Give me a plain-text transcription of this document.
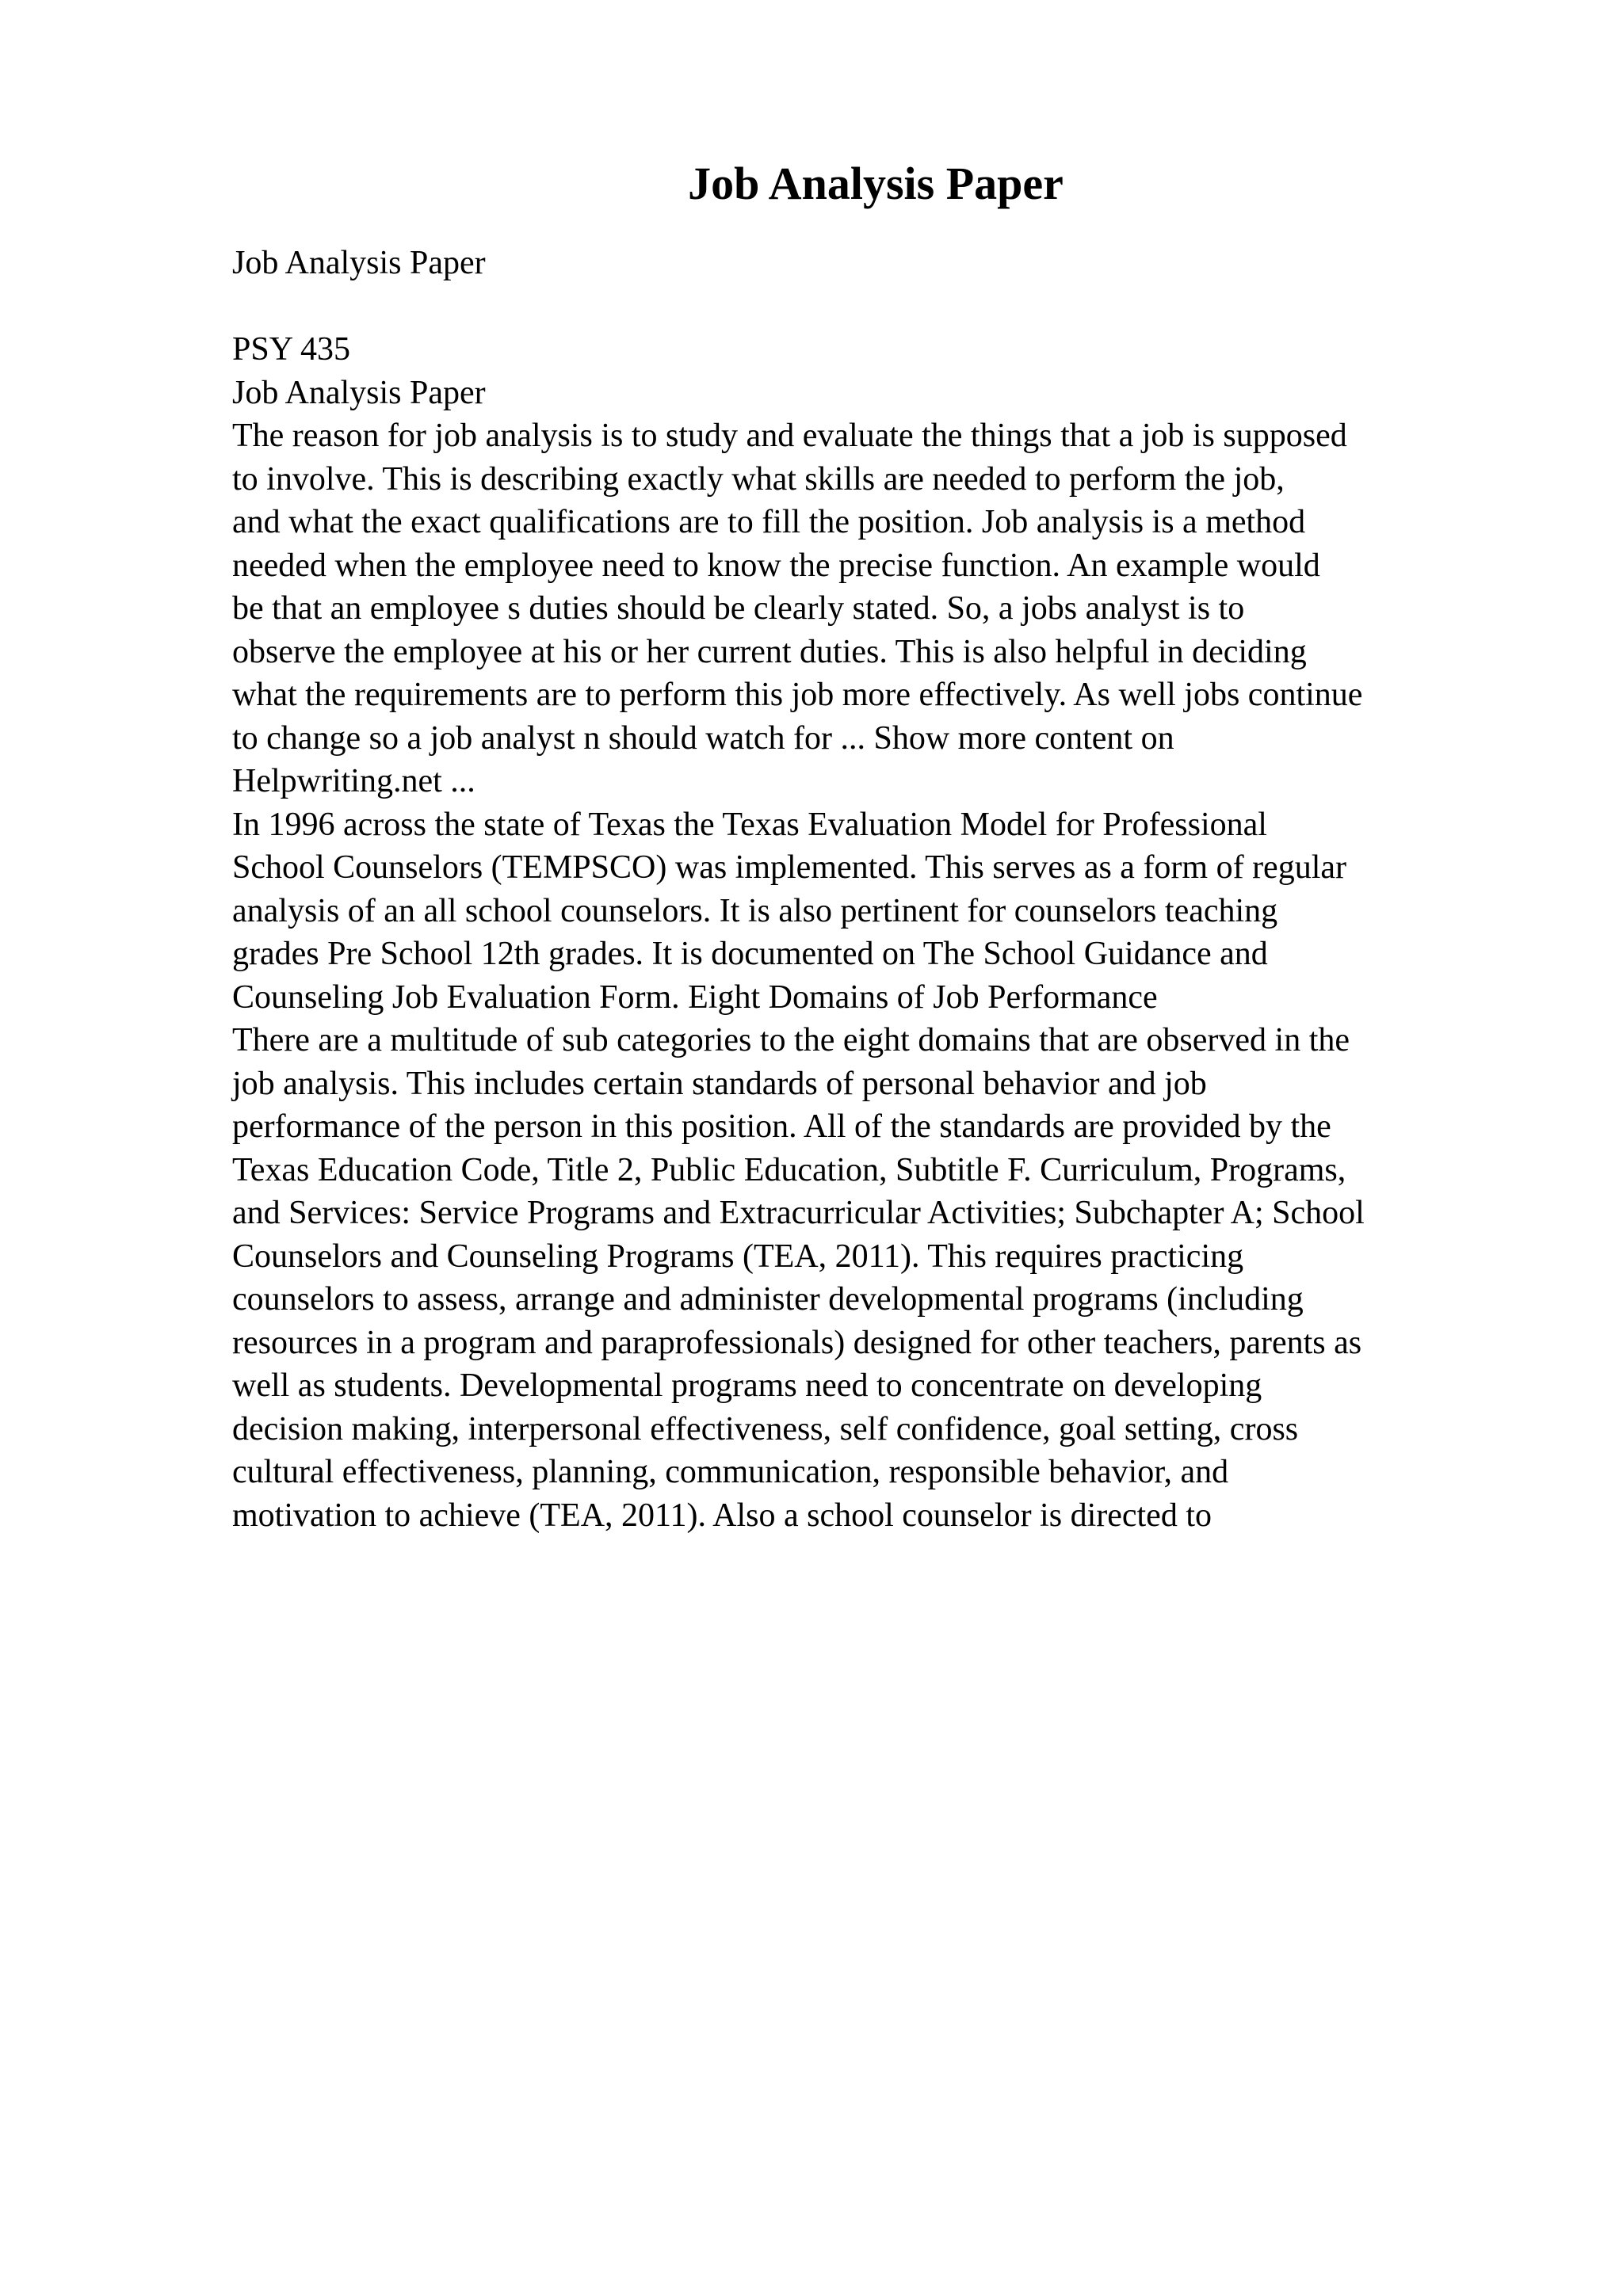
Job Analysis Paper
Job Analysis Paper
PSY 435
Job Analysis Paper
The reason for job analysis is to study and evaluate the things that a job is supposed
to involve. This is describing exactly what skills are needed to perform the job,
and what the exact qualifications are to fill the position. Job analysis is a method
needed when the employee need to know the precise function. An example would
be that an employee s duties should be clearly stated. So, a jobs analyst is to
observe the employee at his or her current duties. This is also helpful in deciding
what the requirements are to perform this job more effectively. As well jobs continue
to change so a job analyst n should watch for ... Show more content on
Helpwriting.net ...
In 1996 across the state of Texas the Texas Evaluation Model for Professional
School Counselors (TEMPSCO) was implemented. This serves as a form of regular
analysis of an all school counselors. It is also pertinent for counselors teaching
grades Pre School 12th grades. It is documented on The School Guidance and
Counseling Job Evaluation Form. Eight Domains of Job Performance
There are a multitude of sub categories to the eight domains that are observed in the
job analysis. This includes certain standards of personal behavior and job
performance of the person in this position. All of the standards are provided by the
Texas Education Code, Title 2, Public Education, Subtitle F. Curriculum, Programs,
and Services: Service Programs and Extracurricular Activities; Subchapter A; School
Counselors and Counseling Programs (TEA, 2011). This requires practicing
counselors to assess, arrange and administer developmental programs (including
resources in a program and paraprofessionals) designed for other teachers, parents as
well as students. Developmental programs need to concentrate on developing
decision making, interpersonal effectiveness, self confidence, goal setting, cross
cultural effectiveness, planning, communication, responsible behavior, and
motivation to achieve (TEA, 2011). Also a school counselor is directed to
